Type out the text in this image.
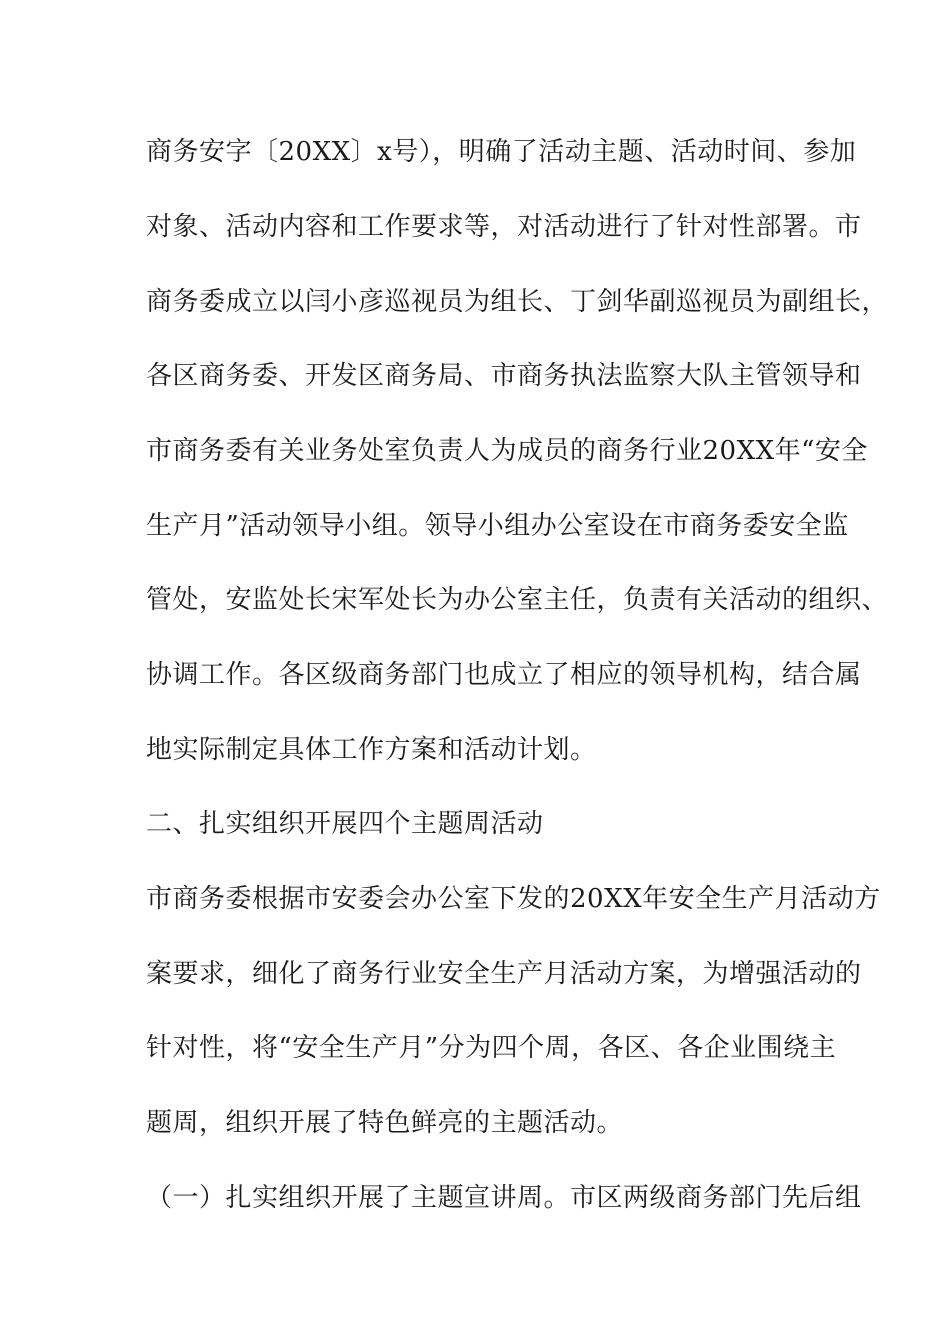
商务安字〔20XX〕x号），明确了活动主题、活动时间、参加
对象、活动内容和工作要求等，对活动进行了针对性部署。市
商务委成立以闫小彦巡视员为组长、丁剑华副巡视员为副组长，
各区商务委、开发区商务局、市商务执法监察大队主管领导和
市商务委有关业务处室负责人为成员的商务行业20XX年“安全
生产月”活动领导小组。领导小组办公室设在市商务委安全监
管处，安监处长宋军处长为办公室主任，负责有关活动的组织、
协调工作。各区级商务部门也成立了相应的领导机构，结合属
地实际制定具体工作方案和活动计划。
二、扎实组织开展四个主题周活动
市商务委根据市安委会办公室下发的20XX年安全生产月活动方
案要求，细化了商务行业安全生产月活动方案，为增强活动的
针对性，将“安全生产月”分为四个周，各区、各企业围绕主
题周，组织开展了特色鲜亮的主题活动。
（一）扎实组织开展了主题宣讲周。市区两级商务部门先后组
